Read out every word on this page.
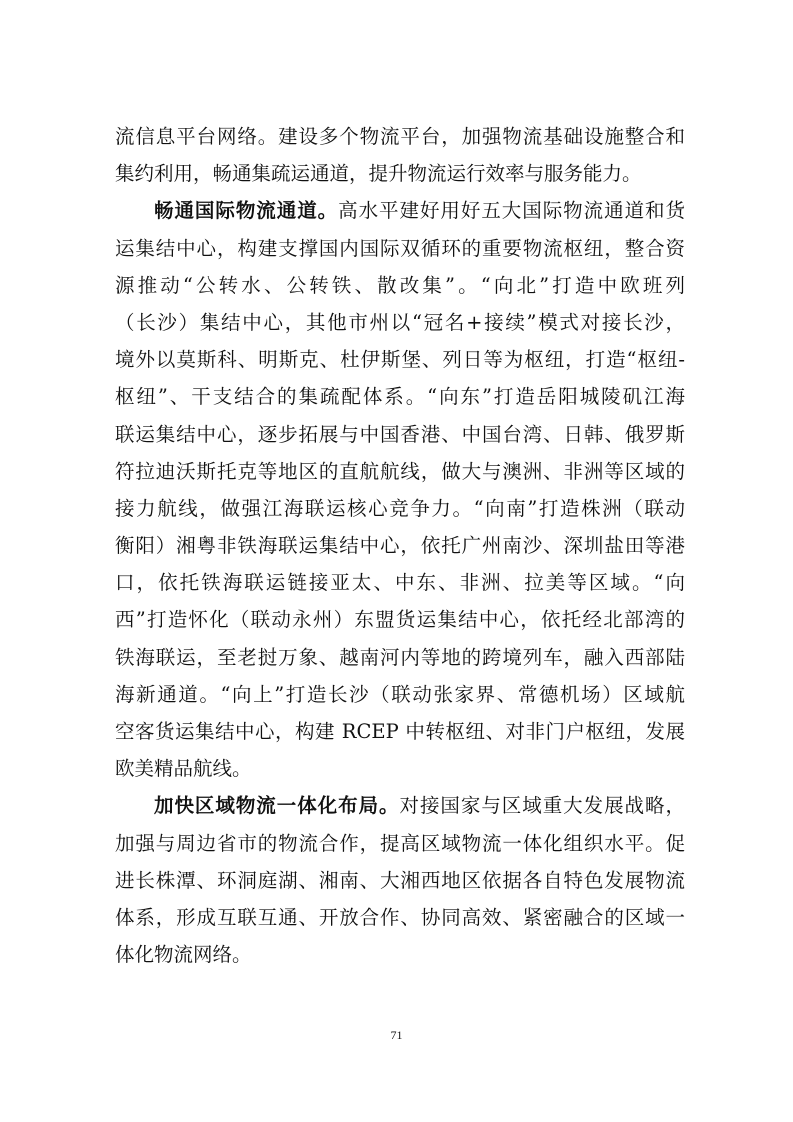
流信息平台网络。建设多个物流平台，加强物流基础设施整合和
集约利用，畅通集疏运通道，提升物流运行效率与服务能力。
畅通国际物流通道。高水平建好用好五大国际物流通道和货
运集结中心，构建支撑国内国际双循环的重要物流枢纽，整合资
源推动“公转水、公转铁、散改集”。“向北”打造中欧班列
（长沙）集结中心，其他市州以“冠名+接续”模式对接长沙，
境外以莫斯科、明斯克、杜伊斯堡、列日等为枢纽，打造“枢纽-
枢纽”、干支结合的集疏配体系。“向东”打造岳阳城陵矶江海
联运集结中心，逐步拓展与中国香港、中国台湾、日韩、俄罗斯
符拉迪沃斯托克等地区的直航航线，做大与澳洲、非洲等区域的
接力航线，做强江海联运核心竞争力。“向南”打造株洲（联动
衡阳）湘粤非铁海联运集结中心，依托广州南沙、深圳盐田等港
口，依托铁海联运链接亚太、中东、非洲、拉美等区域。“向
西”打造怀化（联动永州）东盟货运集结中心，依托经北部湾的
铁海联运，至老挝万象、越南河内等地的跨境列车，融入西部陆
海新通道。“向上”打造长沙（联动张家界、常德机场）区域航
空客货运集结中心，构建 RCEP 中转枢纽、对非门户枢纽，发展
欧美精品航线。
加快区域物流一体化布局。对接国家与区域重大发展战略，
加强与周边省市的物流合作，提高区域物流一体化组织水平。促
进长株潭、环洞庭湖、湘南、大湘西地区依据各自特色发展物流
体系，形成互联互通、开放合作、协同高效、紧密融合的区域一
体化物流网络。
71
